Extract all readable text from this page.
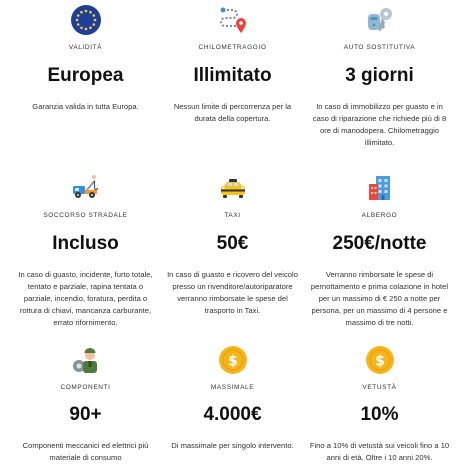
VALIDITÀ
Europea
Garanzia valida in tutta Europa.
CHILOMETRAGGIO
Illimitato
Nessun limite di percorrenza per la durata della copertura.
AUTO SOSTITUTIVA
3 giorni
In caso di immobilizzo per guasto e in caso di riparazione che richiede più di 8 ore di manodopera. Chilometraggio illimitato.
SOCCORSO STRADALE
Incluso
In caso di guasto, incidente, furto totale, tentato e parziale, rapina tentata o parziale, incendio, foratura, perdita o rottura di chiavi, mancanza carburante, errato rifornimento.
TAXI
50€
In caso di guasto e ricovero del veicolo presso un rivenditore/autoriparatore verranno rimborsate le spese del trasporto in Taxi.
ALBERGO
250€/notte
Verranno rimborsate le spese di pernottamento e prima colazione in hotel per un massimo di € 250 a notte per persona, per un massimo di 4 persone e massimo di tre notti.
COMPONENTI
90+
Componenti meccanici ed elettrici più materiale di consumo
$
MASSIMALE
4.000€
Di massimale per singolo intervento.
$
VETUSTÀ
10%
Fino a 10% di vetustà sui veicoli fino a 10 anni di età. Oltre i 10 anni 20%.
